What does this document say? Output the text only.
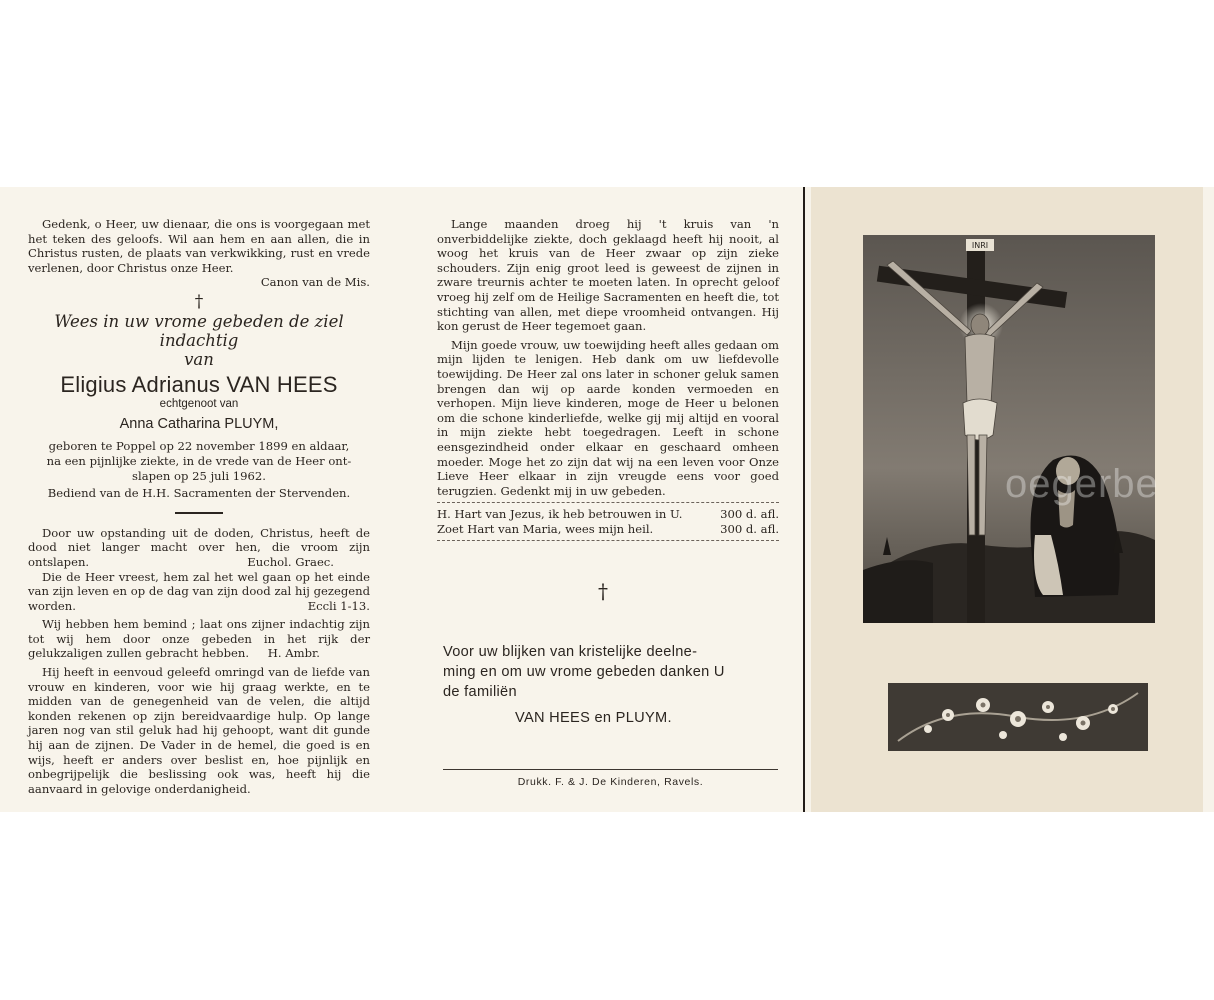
Gedenk, o Heer, uw dienaar, die ons is voorgegaan met het teken des geloofs. Wil aan hem en aan allen, die in Christus rusten, de plaats van verkwikking, rust en vrede verlenen, door Christus onze Heer.
Canon van de Mis.
†
Wees in uw vrome gebeden de ziel indachtig
van
Eligius Adrianus VAN HEES
echtgenoot van
Anna Catharina PLUYM,
geboren te Poppel op 22 november 1899 en aldaar,
na een pijnlijke ziekte, in de vrede van de Heer ont-
slapen op 25 juli 1962.
Bediend van de H.H. Sacramenten der Stervenden.
Door uw opstanding uit de doden, Christus, heeft de dood niet langer macht over hen, die vroom zijn ontslapen.	Euchol. Graec.
Die de Heer vreest, hem zal het wel gaan op het einde van zijn leven en op de dag van zijn dood zal hij gezegend worden.	Eccli 1-13.
Wij hebben hem bemind ; laat ons zijner indachtig zijn tot wij hem door onze gebeden in het rijk der gelukzaligen zullen gebracht hebben.	H. Ambr.
Hij heeft in eenvoud geleefd omringd van de liefde van vrouw en kinderen, voor wie hij graag werkte, en te midden van de genegenheid van de velen, die altijd konden rekenen op zijn bereidvaardige hulp. Op lange jaren nog van stil geluk had hij gehoopt, want dit gunde hij aan de zijnen. De Vader in de hemel, die goed is en wijs, heeft er anders over beslist en, hoe pijnlijk en onbegrijpelijk die beslissing ook was, heeft hij die aanvaard in gelovige onderdanigheid.
Lange maanden droeg hij 't kruis van 'n onverbiddelijke ziekte, doch geklaagd heeft hij nooit, al woog het kruis van de Heer zwaar op zijn zieke schouders. Zijn enig groot leed is geweest de zijnen in zware treurnis achter te moeten laten. In oprecht geloof vroeg hij zelf om de Heilige Sacramenten en heeft die, tot stichting van allen, met diepe vroomheid ontvangen. Hij kon gerust de Heer tegemoet gaan.
Mijn goede vrouw, uw toewijding heeft alles gedaan om mijn lijden te lenigen. Heb dank om uw liefdevolle toewijding. De Heer zal ons later in schoner geluk samen brengen dan wij op aarde konden vermoeden en verhopen. Mijn lieve kinderen, moge de Heer u belonen om die schone kinderliefde, welke gij mij altijd en vooral in mijn ziekte hebt toegedragen. Leeft in schone eensgezindheid onder elkaar en geschaard omheen moeder. Moge het zo zijn dat wij na een leven voor Onze Lieve Heer elkaar in zijn vreugde eens voor goed terugzien. Gedenkt mij in uw gebeden.
H. Hart van Jezus, ik heb betrouwen in U.	300 d. afl.
Zoet Hart van Maria, wees mijn heil.	300 d. afl.
†
Voor uw blijken van kristelijke deelne-
ming en om uw vrome gebeden danken U
de familiën
VAN HEES en PLUYM.
Drukk. F. & J. De Kinderen, Ravels.
INRI
oegerbe
